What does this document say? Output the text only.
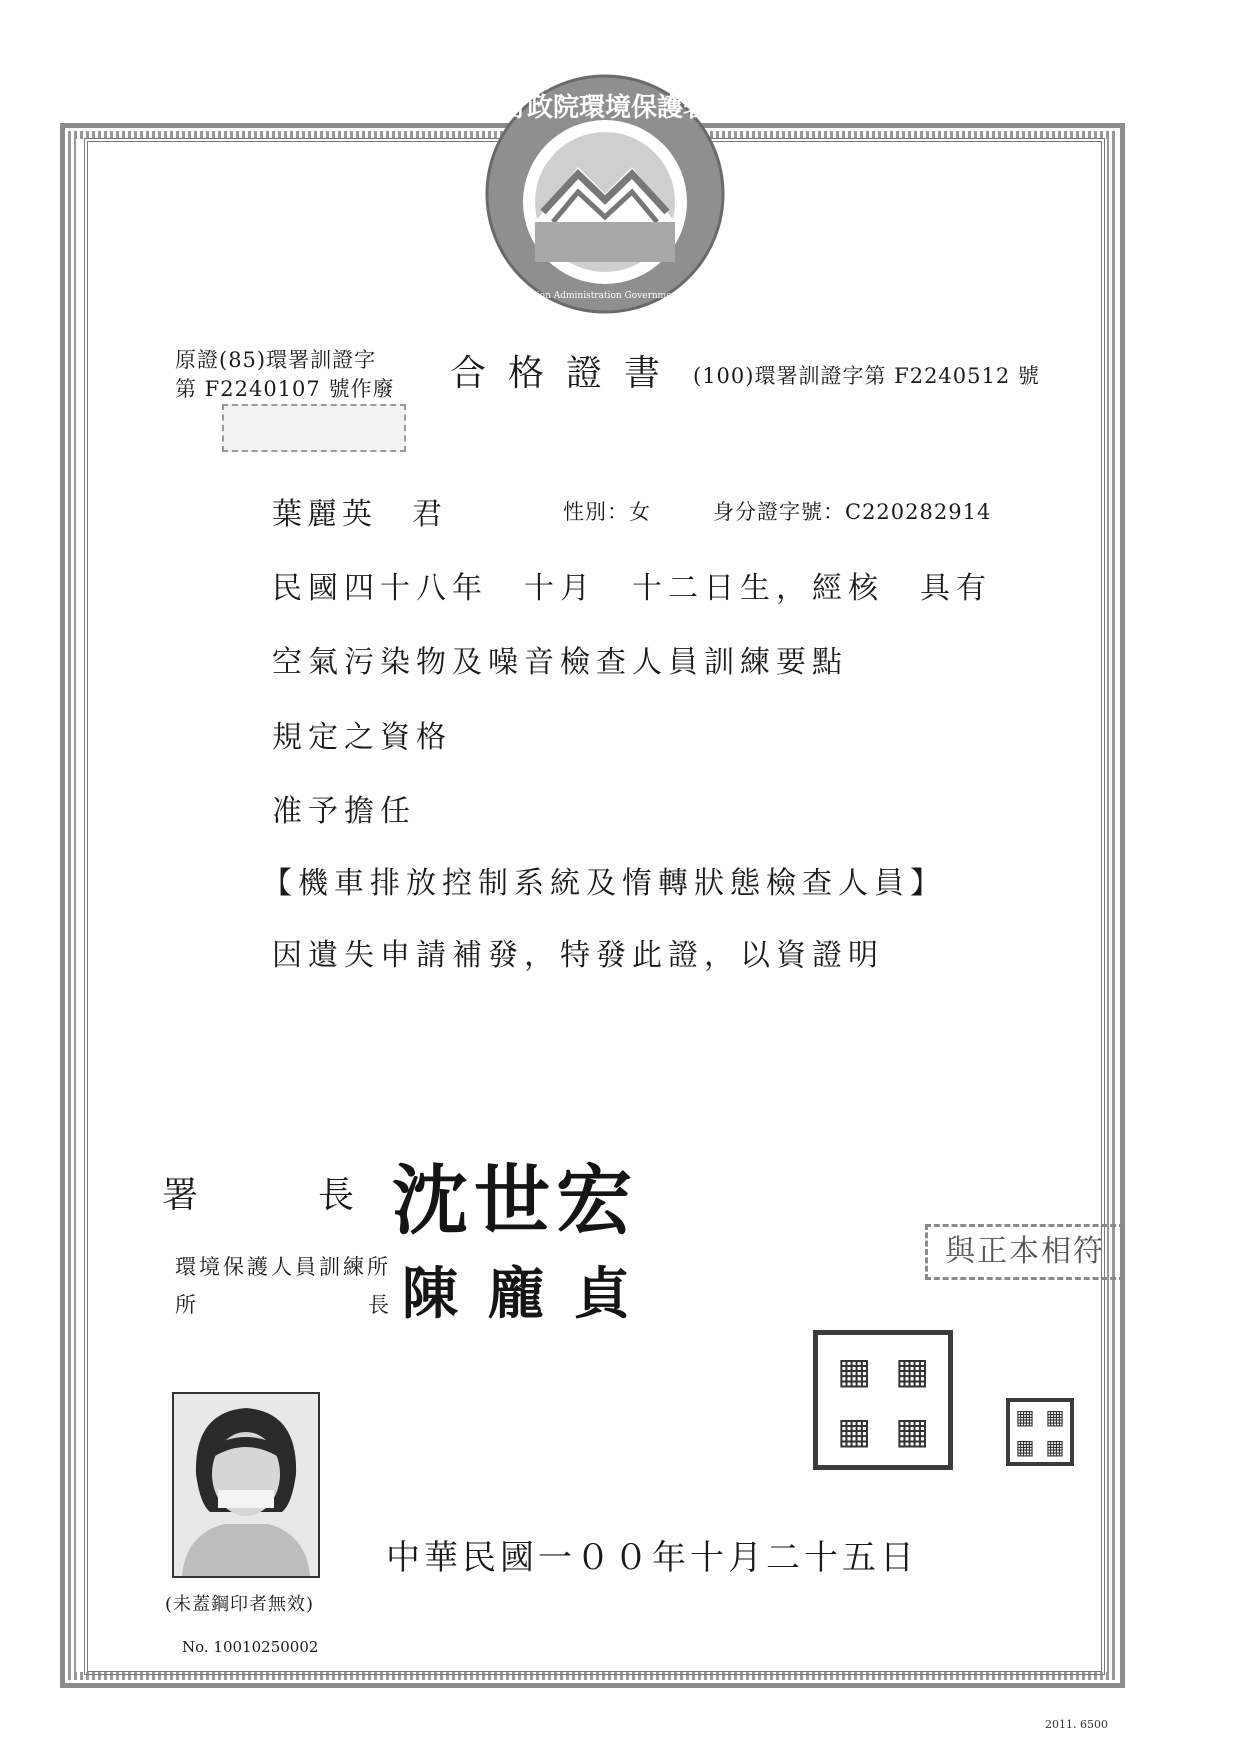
行政院環境保護署
Environmental Protection Administration Government of Republic of China
原證(85)環署訓證字
第 F2240107 號作廢 合格證書 (100)環署訓證字第 F2240512 號
葉麗英　君	性別：女	身分證字號：C220282914
民國四十八年　十月　十二日生，經核　具有
空氣污染物及噪音檢查人員訓練要點
規定之資格
准予擔任
【機車排放控制系統及惰轉狀態檢查人員】
因遺失申請補發，特發此證，以資證明
署長
沈世宏
環境保護人員訓練所
所	長 陳龐貞
與正本相符
▦ ▦
▦ ▦	▦ ▦
▦ ▦
(未蓋鋼印者無效)
No. 10010250002
中華民國一００年十月二十五日
2011. 6500
